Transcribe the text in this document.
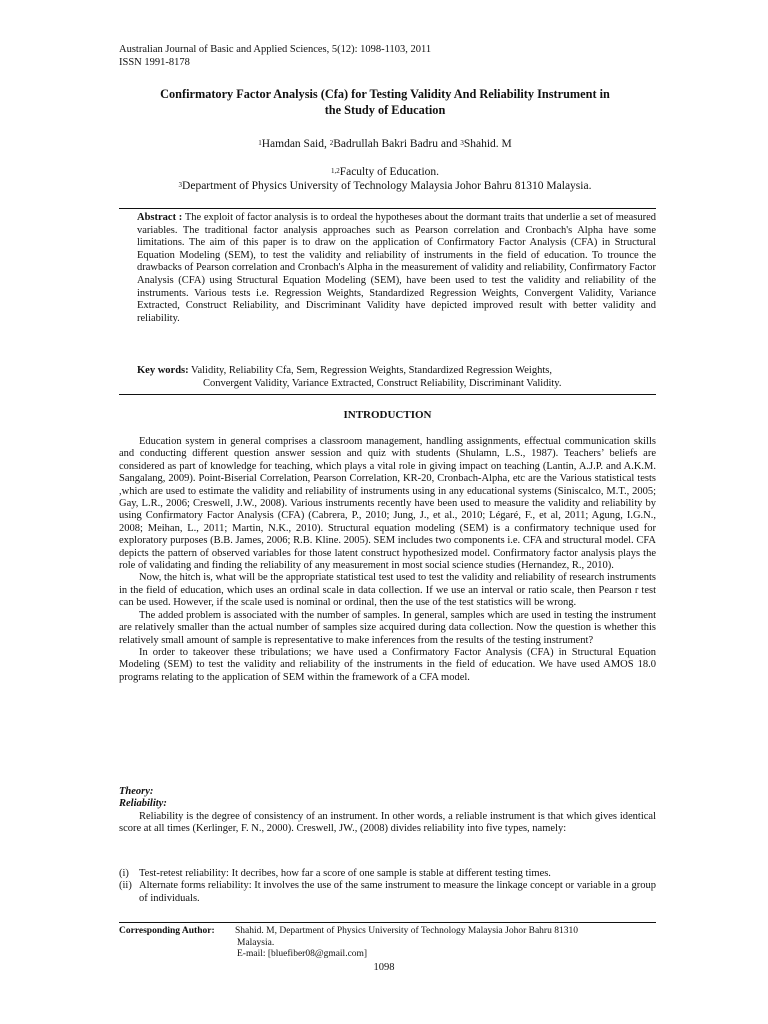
Australian Journal of Basic and Applied Sciences, 5(12): 1098-1103, 2011
ISSN 1991-8178
Confirmatory Factor Analysis (Cfa) for Testing Validity And Reliability Instrument in
the Study of Education
$^1$Hamdan Said, $^2$Badrullah Bakri Badru and $^3$Shahid. M
$^{1,2}$Faculty of Education.
$^3$Department of Physics University of Technology Malaysia Johor Bahru 81310 Malaysia.
Abstract : The exploit of factor analysis is to ordeal the hypotheses about the dormant traits that underlie a set of measured variables. The traditional factor analysis approaches such as Pearson correlation and Cronbach's Alpha have some limitations. The aim of this paper is to draw on the application of Confirmatory Factor Analysis (CFA) in Structural Equation Modeling (SEM), to test the validity and reliability of instruments in the field of education. To trounce the drawbacks of Pearson correlation and Cronbach's Alpha in the measurement of validity and reliability, Confirmatory Factor Analysis (CFA) using Structural Equation Modeling (SEM), have been used to test the validity and reliability of the instruments. Various tests i.e. Regression Weights, Standardized Regression Weights, Convergent Validity, Variance Extracted, Construct Reliability, and Discriminant Validity have depicted improved result with better validity and reliability.
Key words: Validity, Reliability Cfa, Sem, Regression Weights, Standardized Regression Weights,
Convergent Validity, Variance Extracted, Construct Reliability, Discriminant Validity.
INTRODUCTION

Education system in general comprises a classroom management, handling assignments, effectual communication skills and conducting different question answer session and quiz with students (Shulamn, L.S., 1987). Teachers’ beliefs are considered as part of knowledge for teaching, which plays a vital role in giving impact on teaching (Lantin, A.J.P. and A.K.M. Sangalang, 2009). Point-Biserial Correlation, Pearson Correlation, KR-20, Cronbach-Alpha, etc are the Various statistical tests ,which are used to estimate the validity and reliability of instruments using in any educational systems (Siniscalco, M.T., 2005; Gay, L.R., 2006; Creswell, J.W., 2008). Various instruments recently have been used to measure the validity and reliability by using Confirmatory Factor Analysis (CFA) (Cabrera, P., 2010; Jung, J., et al., 2010; Légaré, F., et al, 2011; Agung, I.G.N., 2008; Meihan, L., 2011; Martin, N.K., 2010). Structural equation modeling (SEM) is a confirmatory technique used for exploratory purposes (B.B. James, 2006; R.B. Kline. 2005). SEM includes two components i.e. CFA and structural model. CFA depicts the pattern of observed variables for those latent construct hypothesized model. Confirmatory factor analysis plays the role of validating and finding the reliability of any measurement in most social science studies (Hernandez, R., 2010).

Now, the hitch is, what will be the appropriate statistical test used to test the validity and reliability of research instruments in the field of education, which uses an ordinal scale in data collection. If we use an interval or ratio scale, then Pearson r test can be used. However, if the scale used is nominal or ordinal, then the use of the test statistics will be wrong.

The added problem is associated with the number of samples. In general, samples which are used in testing the instrument are relatively smaller than the actual number of samples size acquired during data collection. Now the question is whether this relatively small amount of sample is representative to make inferences from the results of the testing instrument?

In order to takeover these tribulations; we have used a Confirmatory Factor Analysis (CFA) in Structural Equation Modeling (SEM) to test the validity and reliability of the instruments in the field of education. We have used AMOS 18.0 programs relating to the application of SEM within the framework of a CFA model.

Theory:
Reliability:

Reliability is the degree of consistency of an instrument. In other words, a reliable instrument is that which gives identical score at all times (Kerlinger, F. N., 2000). Creswell, JW., (2008) divides reliability into five types, namely:

(i) Test-retest reliability: It decribes, how far a score of one sample is stable at different testing times.
(ii) Alternate forms reliability: It involves the use of the same instrument to measure the linkage concept or variable in a group of individuals.
Corresponding Author:	Shahid. M, Department of Physics University of Technology Malaysia Johor Bahru 81310
Malaysia.
E-mail: [bluefiber08@gmail.com]
1098
